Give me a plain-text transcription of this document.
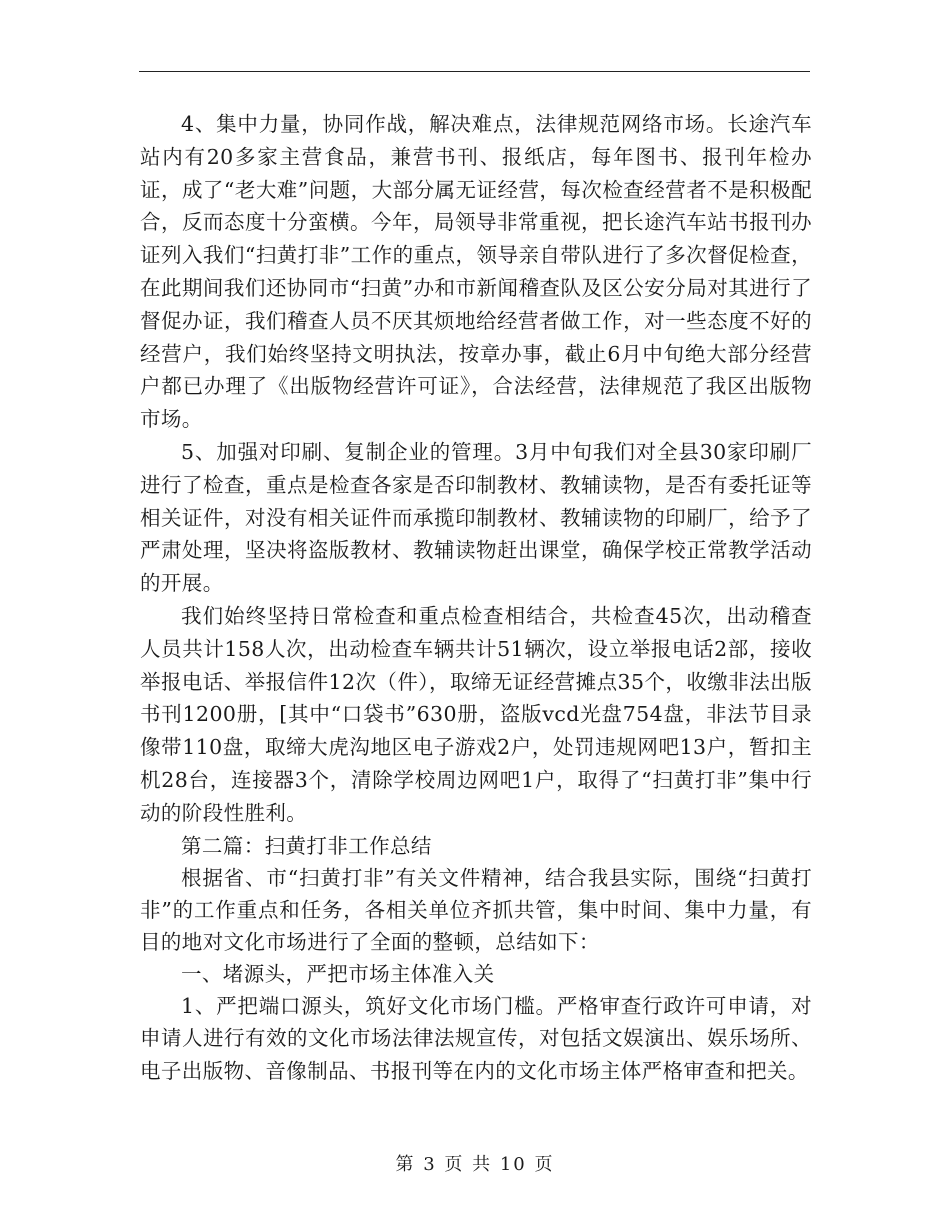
4、集中力量，协同作战，解决难点，法律规范网络市场。长途汽车站内有20多家主营食品，兼营书刊、报纸店，每年图书、报刊年检办证，成了“老大难”问题，大部分属无证经营，每次检查经营者不是积极配合，反而态度十分蛮横。今年，局领导非常重视，把长途汽车站书报刊办证列入我们“扫黄打非”工作的重点，领导亲自带队进行了多次督促检查，在此期间我们还协同市“扫黄”办和市新闻稽查队及区公安分局对其进行了督促办证，我们稽查人员不厌其烦地给经营者做工作，对一些态度不好的经营户，我们始终坚持文明执法，按章办事，截止6月中旬绝大部分经营户都已办理了《出版物经营许可证》，合法经营，法律规范了我区出版物市场。

5、加强对印刷、复制企业的管理。3月中旬我们对全县30家印刷厂进行了检查，重点是检查各家是否印制教材、教辅读物，是否有委托证等相关证件，对没有相关证件而承揽印制教材、教辅读物的印刷厂，给予了严肃处理，坚决将盗版教材、教辅读物赶出课堂，确保学校正常教学活动的开展。

我们始终坚持日常检查和重点检查相结合，共检查45次，出动稽查人员共计158人次，出动检查车辆共计51辆次，设立举报电话2部，接收举报电话、举报信件12次（件），取缔无证经营摊点35个，收缴非法出版书刊1200册，[其中“口袋书”630册，盗版vcd光盘754盘，非法节目录像带110盘，取缔大虎沟地区电子游戏2户，处罚违规网吧13户，暂扣主机28台，连接器3个，清除学校周边网吧1户，取得了“扫黄打非”集中行动的阶段性胜利。

第二篇：扫黄打非工作总结

根据省、市“扫黄打非”有关文件精神，结合我县实际，围绕“扫黄打非”的工作重点和任务，各相关单位齐抓共管，集中时间、集中力量，有目的地对文化市场进行了全面的整顿，总结如下：

一、堵源头，严把市场主体准入关

1、严把端口源头，筑好文化市场门槛。严格审查行政许可申请，对申请人进行有效的文化市场法律法规宣传，对包括文娱演出、娱乐场所、电子出版物、音像制品、书报刊等在内的文化市场主体严格审查和把关。

第 3 页 共 10 页
